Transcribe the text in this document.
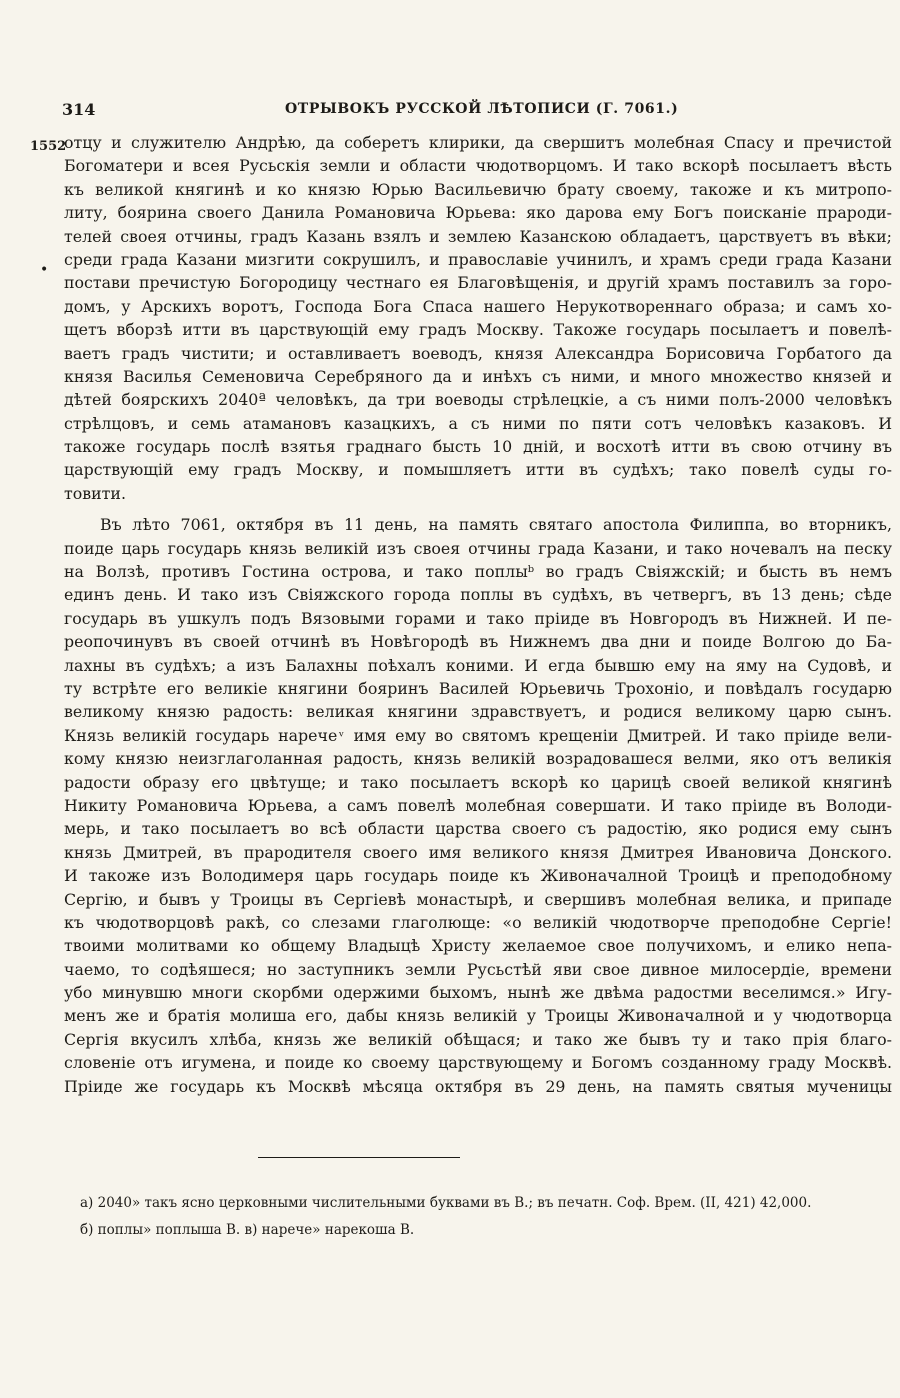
314	ОТРЫВОКЪ РУССКОЙ ЛѢТОПИСИ (Г. 7061.)
1552
•
отцу и служителю Андрѣю, да соберетъ клирики, да свершитъ молебная Спасу и пречистой
Богоматери и всея Русьскія земли и области чюдотворцомъ. И тако вскорѣ посылаетъ вѣсть
къ великой княгинѣ и ко князю Юрью Васильевичю брату своему, такожe и къ митропо-
литу, боярина своего Данила Романовича Юрьева: яко дарова ему Богъ поисканіе прароди-
телей своея отчины, градъ Казань взялъ и землею Казанскою обладаетъ, царствуетъ въ вѣки;
среди града Казани мизгити сокрушилъ, и православіе учинилъ, и храмъ среди града Казани
постави пречистую Богородицу честнаго ея Благовѣщенія, и другій храмъ поставилъ за горо-
домъ, у Арскихъ воротъ, Господа Бога Спаса нашего Нерукотвореннаго образа; и самъ хо-
щетъ вборзѣ итти въ царствующій ему градъ Москву. Такоже государь посылаетъ и повелѣ-
ваетъ градъ чистити; и оставливаетъ воеводъ, князя Александра Борисовича Горбатого да
князя Василья Семеновича Серебряного да и инѣхъ съ ними, и много множество князей и
дѣтей боярскихъ 2040ª человѣкъ, да три воеводы стрѣлецкіе, а съ ними полъ-2000 человѣкъ
стрѣлцовъ, и семь атамановъ казацкихъ, а съ ними по пяти сотъ человѣкъ казаковъ. И
такоже государь послѣ взятья граднаго бысть 10 дній, и восхотѣ итти въ свою отчину въ
царствующій ему градъ Москву, и помышляетъ итти въ судѣхъ; тако повелѣ суды го-
товити.
Въ лѣто 7061, октября въ 11 день, на память святаго апостола Филиппа, во вторникъ,
поиде царь государь князь великій изъ своея отчины града Казани, и тако ночевалъ на песку
на Волзѣ, противъ Гостина острова, и тако поплыᵇ во градъ Свіяжскій; и бысть въ немъ
единъ день. И тако изъ Свіяжского города поплы въ судѣхъ, въ четвергъ, въ 13 день; сѣде
государь въ ушкулъ подъ Вязовыми горами и тако пріиде въ Новгородъ въ Нижней. И пе-
реопочинувъ въ своей отчинѣ въ Новѣгородѣ въ Нижнемъ два дни и поиде Волгою до Ба-
лахны въ судѣхъ; а изъ Балахны поѣхалъ коними. И егда бывшю ему на яму на Судовѣ, и
ту встрѣте его великіе княгини бояринъ Василей Юрьевичь Трохоніо, и повѣдалъ государю
великому князю радость: великая княгини здравствуетъ, и родися великому царю сынъ.
Князь великій государь нарече ͮ имя ему во святомъ крещеніи Дмитрей. И тако пріиде вели-
кому князю неизглаголанная радость, князь великій возрадовашеся велми, яко отъ великія
радости образу его цвѣтуще; и тако посылаетъ вскорѣ ко царицѣ своей великой княгинѣ
Никиту Романовича Юрьева, а самъ повелѣ молебная совершати. И тако пріиде въ Володи-
мерь, и тако посылаетъ во всѣ области царства своего съ радостію, яко родися ему сынъ
князь Дмитрей, въ прародителя своего имя великого князя Дмитрея Ивановича Донского.
И такоже изъ Володимеря царь государь поиде къ Живоначалной Троицѣ и преподобному
Сергію, и бывъ у Троицы въ Сергіевѣ монастырѣ, и свершивъ молебная велика, и припаде
къ чюдотворцовѣ ракѣ, со слезами глаголюще: «о великій чюдотворче преподобне Сергіе!
твоими молитвами ко общему Владыцѣ Христу желаемое свое получихомъ, и елико непа-
чаемо, то содѣяшеся; но заступникъ земли Русьстѣй яви свое дивное милосердіе, времени
убо минувшю многи скорбми одержими быхомъ, нынѣ же двѣма радостми веселимся.» Игу-
менъ же и братія молиша его, дабы князь великій у Троицы Живоначалной и у чюдотворца
Сергія вкусилъ хлѣба, князь же великій обѣщася; и тако же бывъ ту и тако прія благо-
словеніе отъ игумена, и поиде ко своему царствующему и Богомъ созданному граду Москвѣ.
Пріиде же государь къ Москвѣ мѣсяца октября въ 29 день, на память святыя мученицы
а) 2040» такъ ясно церковными числительными буквами въ В.; въ печатн. Соф. Врем. (II, 421) 42,000.
б) поплы» поплыша В. в) нарече» нарекоша В.
